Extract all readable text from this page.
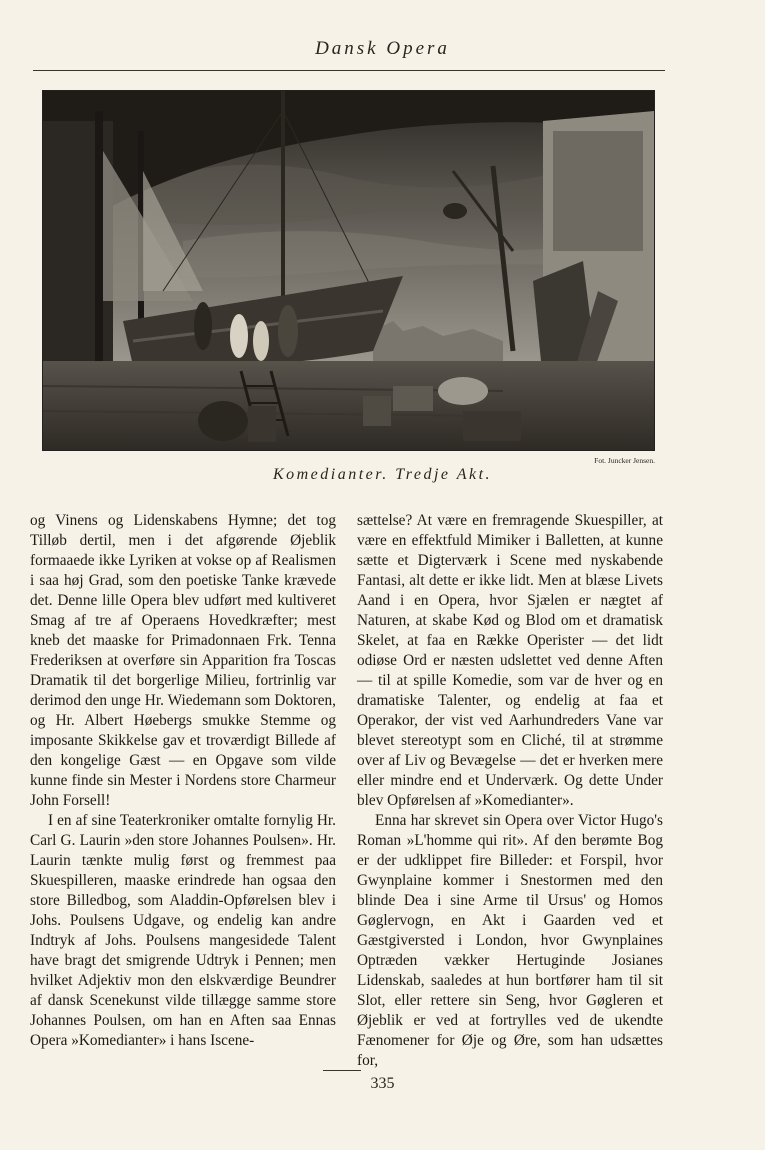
Dansk Opera
Fot. Juncker Jensen.
Komedianter. Tredje Akt.

og Vinens og Lidenskabens Hymne; det tog Tilløb dertil, men i det afgørende Øjeblik formaaede ikke Lyriken at vokse op af Realismen i saa høj Grad, som den poetiske Tanke krævede det. Denne lille Opera blev udført med kultiveret Smag af tre af Operaens Hovedkræfter; mest kneb det maaske for Primadonnaen Frk. Tenna Frederiksen at overføre sin Apparition fra Toscas Dramatik til det borgerlige Milieu, fortrinlig var derimod den unge Hr. Wiedemann som Doktoren, og Hr. Albert Høebergs smukke Stemme og imposante Skikkelse gav et troværdigt Billede af den kongelige Gæst — en Opgave som vilde kunne finde sin Mester i Nordens store Charmeur John Forsell!

I en af sine Teaterkroniker omtalte fornylig Hr. Carl G. Laurin »den store Johannes Poulsen». Hr. Laurin tænkte mulig først og fremmest paa Skuespilleren, maaske erindrede han ogsaa den store Billedbog, som Aladdin-Opførelsen blev i Johs. Poulsens Udgave, og endelig kan andre Indtryk af Johs. Poulsens mangesidede Talent have bragt det smigrende Udtryk i Pennen; men hvilket Adjektiv mon den elskværdige Beundrer af dansk Scenekunst vilde tillægge samme store Johannes Poulsen, om han en Aften saa Ennas Opera »Komedianter» i hans Iscene-

sættelse? At være en fremragende Skuespiller, at være en effektfuld Mimiker i Balletten, at kunne sætte et Digterværk i Scene med nyskabende Fantasi, alt dette er ikke lidt. Men at blæse Livets Aand i en Opera, hvor Sjælen er nægtet af Naturen, at skabe Kød og Blod om et dramatisk Skelet, at faa en Række Operister — det lidt odiøse Ord er næsten udslettet ved denne Aften — til at spille Komedie, som var de hver og en dramatiske Talenter, og endelig at faa et Operakor, der vist ved Aarhundreders Vane var blevet stereotypt som en Cliché, til at strømme over af Liv og Bevægelse — det er hverken mere eller mindre end et Underværk. Og dette Under blev Opførelsen af »Komedianter».

Enna har skrevet sin Opera over Victor Hugo's Roman »L'homme qui rit». Af den berømte Bog er der udklippet fire Billeder: et Forspil, hvor Gwynplaine kommer i Snestormen med den blinde Dea i sine Arme til Ursus' og Homos Gøglervogn, en Akt i Gaarden ved et Gæstgiversted i London, hvor Gwynplaines Optræden vækker Hertuginde Josianes Lidenskab, saaledes at hun bortfører ham til sit Slot, eller rettere sin Seng, hvor Gøgleren et Øjeblik er ved at fortrylles ved de ukendte Fænomener for Øje og Øre, som han udsættes for,

335
